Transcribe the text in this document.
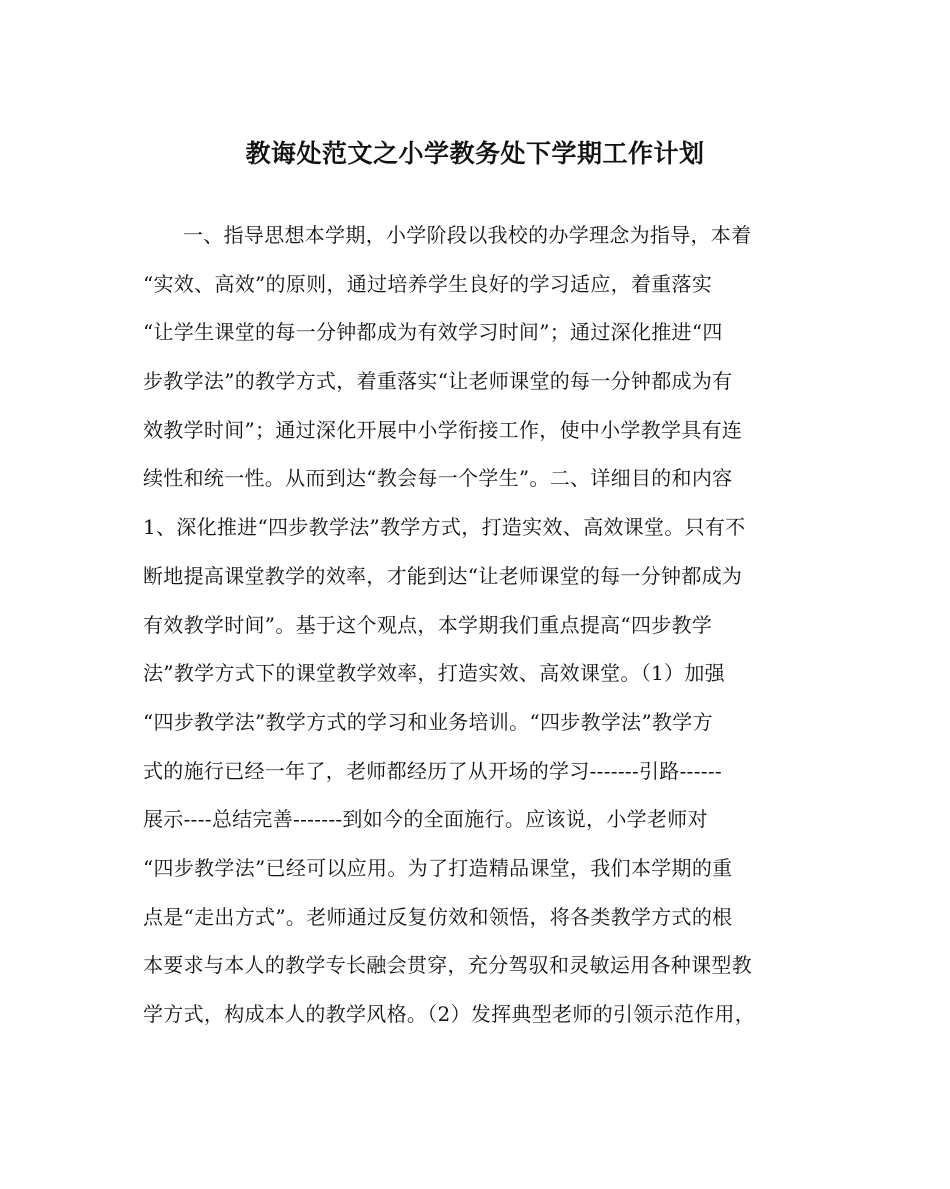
教诲处范文之小学教务处下学期工作计划
一、指导思想本学期，小学阶段以我校的办学理念为指导，本着
“实效、高效”的原则，通过培养学生良好的学习适应，着重落实
“让学生课堂的每一分钟都成为有效学习时间”；通过深化推进“四
步教学法”的教学方式，着重落实“让老师课堂的每一分钟都成为有
效教学时间”；通过深化开展中小学衔接工作，使中小学教学具有连
续性和统一性。从而到达“教会每一个学生”。二、详细目的和内容
1、深化推进“四步教学法”教学方式，打造实效、高效课堂。只有不
断地提高课堂教学的效率，才能到达“让老师课堂的每一分钟都成为
有效教学时间”。基于这个观点，本学期我们重点提高“四步教学
法”教学方式下的课堂教学效率，打造实效、高效课堂。（1）加强
“四步教学法”教学方式的学习和业务培训。“四步教学法”教学方
式的施行已经一年了，老师都经历了从开场的学习-------引路------
展示----总结完善-------到如今的全面施行。应该说，小学老师对
“四步教学法”已经可以应用。为了打造精品课堂，我们本学期的重
点是“走出方式”。老师通过反复仿效和领悟，将各类教学方式的根
本要求与本人的教学专长融会贯穿，充分驾驭和灵敏运用各种课型教
学方式，构成本人的教学风格。（2）发挥典型老师的引领示范作用，
